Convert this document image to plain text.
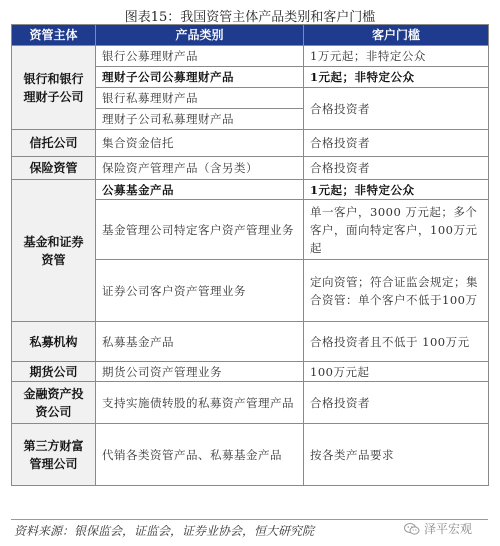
图表15：我国资管主体产品类别和客户门槛
资管主体	产品类别	客户门槛
银行和银行理财子公司	银行公募理财产品	1万元起；非特定公众
	理财子公司公募理财产品	1元起；非特定公众
	银行私募理财产品	合格投资者
	理财子公司私募理财产品	
信托公司	集合资金信托	合格投资者
保险资管	保险资产管理产品（含另类）	合格投资者
基金和证券资管	公募基金产品	1元起；非特定公众
	基金管理公司特定客户资产管理业务	单一客户，3000 万元起；多个客户，面向特定客户，100万元起
	证券公司客户资产管理业务	定向资管；符合证监会规定；集合资管：单个客户不低于100万
私募机构	私募基金产品	合格投资者且不低于 100万元
期货公司	期货公司资产管理业务	100万元起
金融资产投资公司	支持实施债转股的私募资产管理产品	合格投资者
第三方财富管理公司	代销各类资管产品、私募基金产品	按各类产品要求
资料来源：银保监会，证监会，证券业协会，恒大研究院	泽平宏观
